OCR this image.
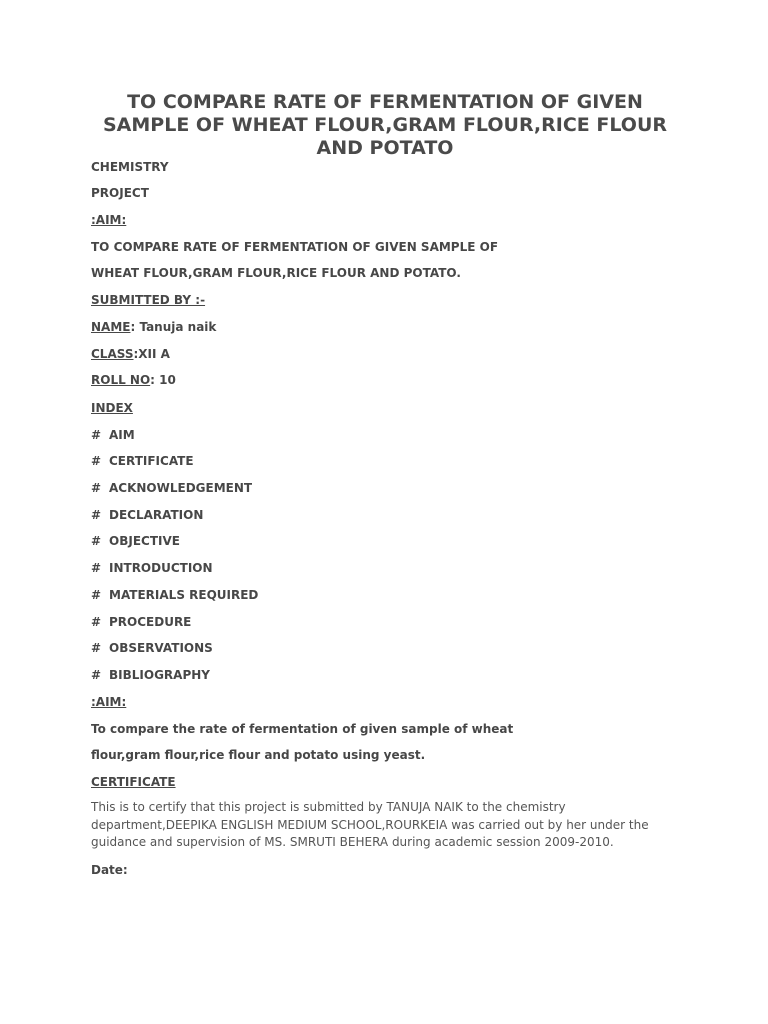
TO COMPARE RATE OF FERMENTATION OF GIVEN SAMPLE OF WHEAT FLOUR,GRAM FLOUR,RICE FLOUR AND POTATO

CHEMISTRY

PROJECT

:AIM:

TO COMPARE RATE OF FERMENTATION OF GIVEN SAMPLE OF

WHEAT FLOUR,GRAM FLOUR,RICE FLOUR AND POTATO.

SUBMITTED BY :-

NAME: Tanuja naik

CLASS:XII A

ROLL NO: 10

INDEX

# AIM

# CERTIFICATE

# ACKNOWLEDGEMENT

# DECLARATION

# OBJECTIVE

# INTRODUCTION

# MATERIALS REQUIRED

# PROCEDURE

# OBSERVATIONS

# BIBLIOGRAPHY

:AIM:

To compare the rate of fermentation of given sample of wheat

flour,gram flour,rice flour and potato using yeast.

CERTIFICATE

This is to certify that this project is submitted by TANUJA NAIK to the chemistry department,DEEPIKA ENGLISH MEDIUM SCHOOL,ROURKEIA was carried out by her under the guidance and supervision of MS. SMRUTI BEHERA during academic session 2009-2010.

Date:
